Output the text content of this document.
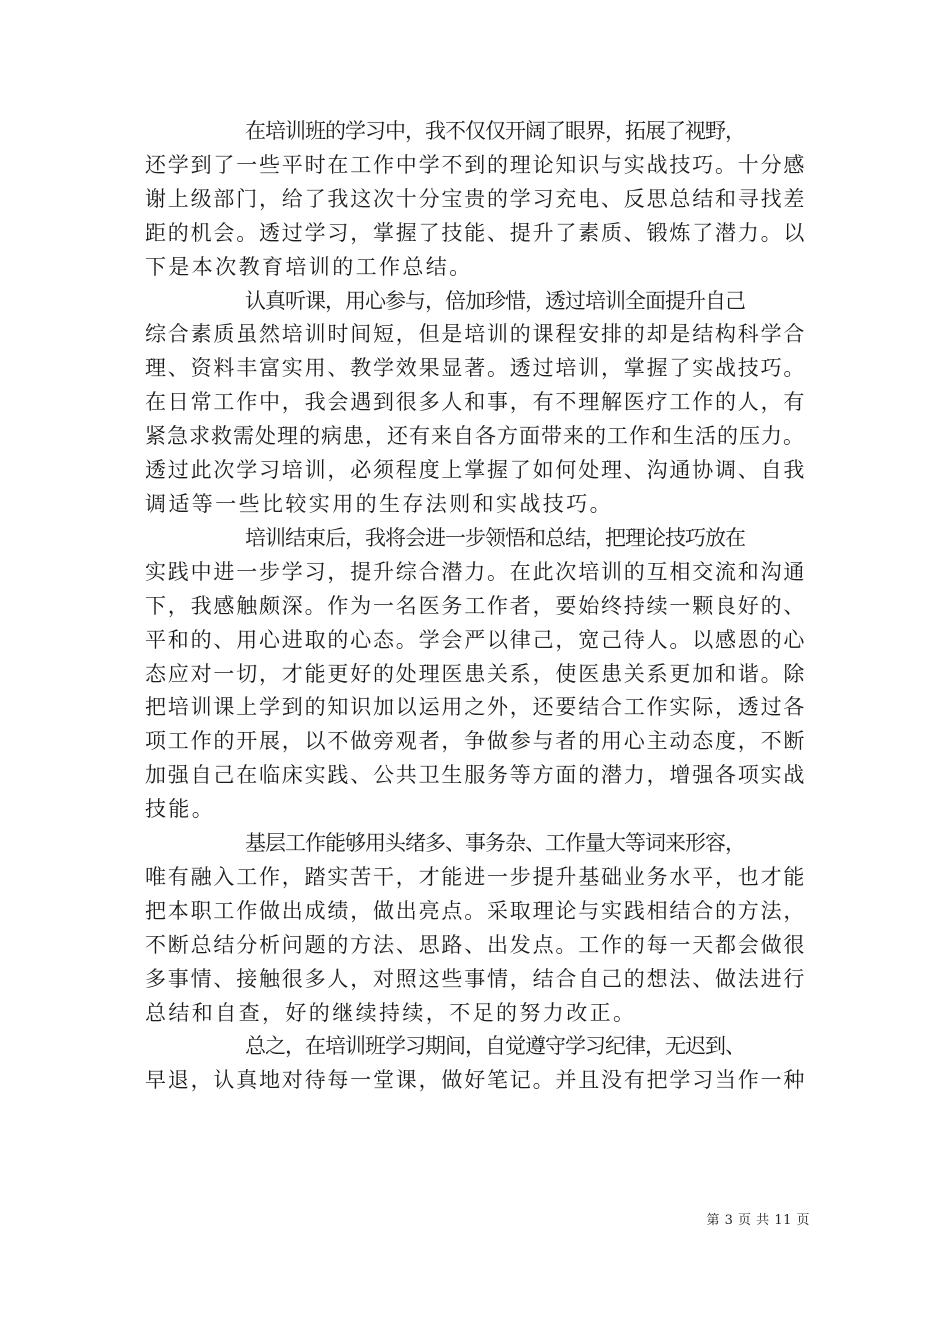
在培训班的学习中，我不仅仅开阔了眼界，拓展了视野，
还学到了一些平时在工作中学不到的理论知识与实战技巧。十分感
谢上级部门，给了我这次十分宝贵的学习充电、反思总结和寻找差
距的机会。透过学习，掌握了技能、提升了素质、锻炼了潜力。以
下是本次教育培训的工作总结。
认真听课，用心参与，倍加珍惜，透过培训全面提升自己
综合素质虽然培训时间短，但是培训的课程安排的却是结构科学合
理、资料丰富实用、教学效果显著。透过培训，掌握了实战技巧。
在日常工作中，我会遇到很多人和事，有不理解医疗工作的人，有
紧急求救需处理的病患，还有来自各方面带来的工作和生活的压力。
透过此次学习培训，必须程度上掌握了如何处理、沟通协调、自我
调适等一些比较实用的生存法则和实战技巧。
培训结束后，我将会进一步领悟和总结，把理论技巧放在
实践中进一步学习，提升综合潜力。在此次培训的互相交流和沟通
下，我感触颇深。作为一名医务工作者，要始终持续一颗良好的、
平和的、用心进取的心态。学会严以律己，宽己待人。以感恩的心
态应对一切，才能更好的处理医患关系，使医患关系更加和谐。除
把培训课上学到的知识加以运用之外，还要结合工作实际，透过各
项工作的开展，以不做旁观者，争做参与者的用心主动态度，不断
加强自己在临床实践、公共卫生服务等方面的潜力，增强各项实战
技能。
基层工作能够用头绪多、事务杂、工作量大等词来形容，
唯有融入工作，踏实苦干，才能进一步提升基础业务水平，也才能
把本职工作做出成绩，做出亮点。采取理论与实践相结合的方法，
不断总结分析问题的方法、思路、出发点。工作的每一天都会做很
多事情、接触很多人，对照这些事情，结合自己的想法、做法进行
总结和自查，好的继续持续，不足的努力改正。
总之，在培训班学习期间，自觉遵守学习纪律，无迟到、
早退，认真地对待每一堂课，做好笔记。并且没有把学习当作一种
第 3 页 共 11 页
